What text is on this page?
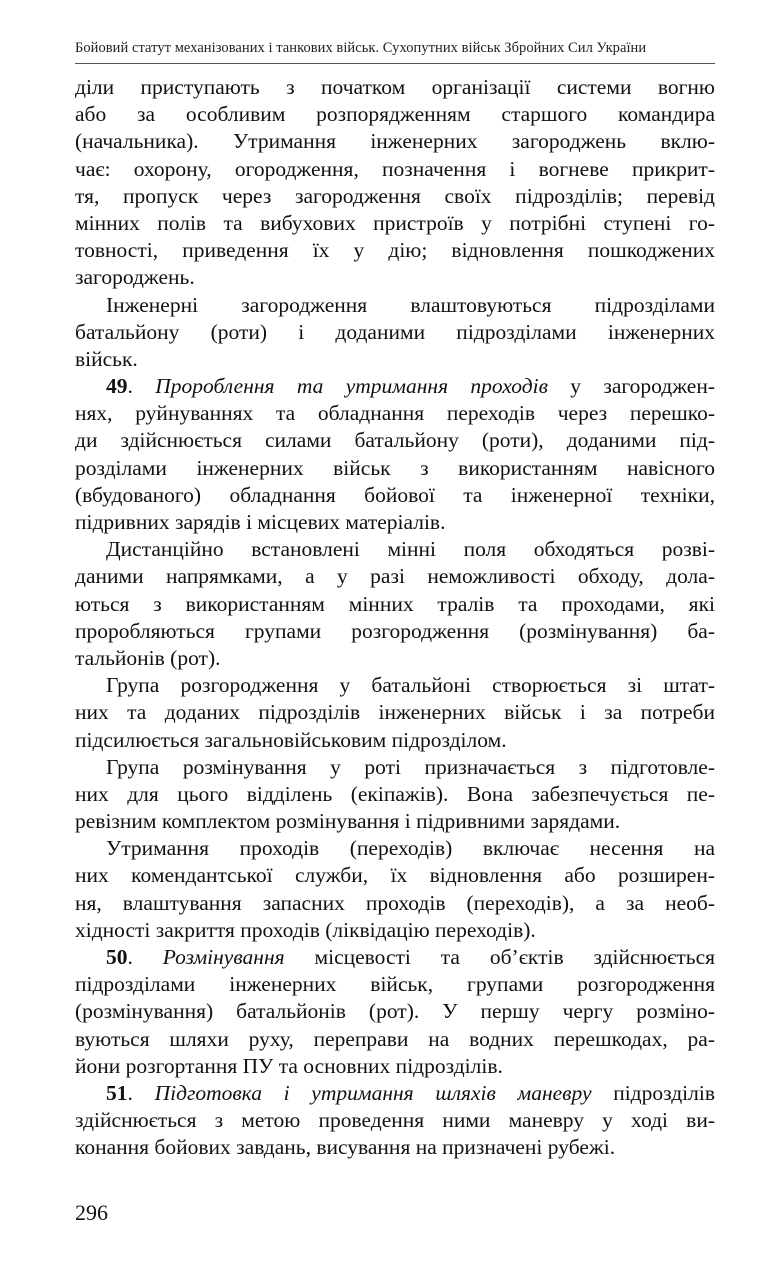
Бойовий статут механізованих і танкових військ. Сухопутних військ Збройних Сил України
діли приступають з початком організації системи вогню
або за особливим розпорядженням старшого командира
(начальника). Утримання інженерних загороджень вклю-
чає: охорону, огородження, позначення і вогневе прикрит-
тя, пропуск через загородження своїх підрозділів; перевід
мінних полів та вибухових пристроїв у потрібні ступені го-
товності, приведення їх у дію; відновлення пошкоджених
загороджень.
Інженерні загородження влаштовуються підрозділами
батальйону (роти) і доданими підрозділами інженерних
військ.
49. Пророблення та утримання проходів у загороджен-
нях, руйнуваннях та обладнання переходів через перешко-
ди здійснюється силами батальйону (роти), доданими під-
розділами інженерних військ з використанням навісного
(вбудованого) обладнання бойової та інженерної техніки,
підривних зарядів і місцевих матеріалів.
Дистанційно встановлені мінні поля обходяться розві-
даними напрямками, а у разі неможливості обходу, дола-
ються з використанням мінних тралів та проходами, які
проробляються групами розгородження (розмінування) ба-
тальйонів (рот).
Група розгородження у батальйоні створюється зі штат-
них та доданих підрозділів інженерних військ і за потреби
підсилюється загальновійськовим підрозділом.
Група розмінування у роті призначається з підготовле-
них для цього відділень (екіпажів). Вона забезпечується пе-
ревізним комплектом розмінування і підривними зарядами.
Утримання проходів (переходів) включає несення на
них комендантської служби, їх відновлення або розширен-
ня, влаштування запасних проходів (переходів), а за необ-
хідності закриття проходів (ліквідацію переходів).
50. Розмінування місцевості та об’єктів здійснюється
підрозділами інженерних військ, групами розгородження
(розмінування) батальйонів (рот). У першу чергу розміно-
вуються шляхи руху, переправи на водних перешкодах, ра-
йони розгортання ПУ та основних підрозділів.
51. Підготовка і утримання шляхів маневру підрозділів
здійснюється з метою проведення ними маневру у ході ви-
конання бойових завдань, висування на призначені рубежі.
296
